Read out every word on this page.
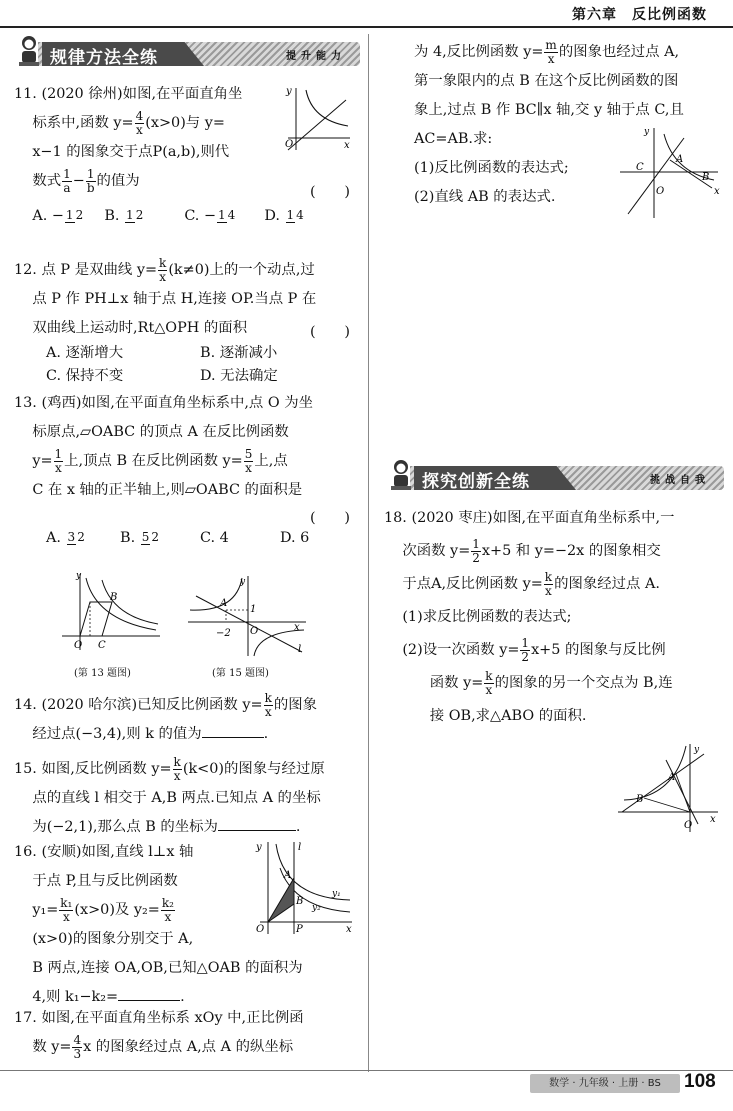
第六章　反比例函数
数学 · 九年级 · 上册 · BS	108
规律方法全练	提升能力

11. (2020 徐州)如图,在平面直角坐

标系中,函数 $y= \frac{4}{x} (x>0)$与 y=

x−1 的图象交于点P(a,b),则代

数式 $\frac{1}{a} - \frac{1}{b}$ 的值为

A. − 1 2 B. 1 2	C. − 1 4 D. 1 4

(　　)
y
x
O

12. 点 P 是双曲线 $y= \frac{k}{x} (k\ne 0)$上的一个动点,过

点 P 作 PH⊥x 轴于点 H,连接 OP.当点 P 在

双曲线上运动时,Rt△OPH 的面积	(　　)
A. 逐渐增大	B. 逐渐减小
C. 保持不变	D. 无法确定

13. (鸡西)如图,在平面直角坐标系中,点 O 为坐

标原点,▱OABC 的顶点 A 在反比例函数

$y= \frac{1}{x}$ 上,顶点 B 在反比例函数 $y= \frac{5}{x}$ 上,点

C 在 x 轴的正半轴上,则▱OABC 的面积是

(　　)
A. 3 2 B. 5 2	C. 4	D. 6
y
B
O C
(第 13 题图)
y
A
1
−2 O	x
l
(第 15 题图)

14. (2020 哈尔滨)已知反比例函数 $y= \frac{k}{x}$ 的图象

经过点(−3,4),则 k 的值为	.

15. 如图,反比例函数 $y= \frac{k}{x} (k<0)$的图象与经过原

点的直线 l 相交于 A,B 两点.已知点 A 的坐标

为(−2,1),那么点 B 的坐标为	.

16. (安顺)如图,直线 l⊥x 轴

于点 P,且与反比例函数

$y_1= \frac{\text{k₁}}{x} (x>0)$及 $y_2= \frac{\text{k₂}}{x}$

(x>0)的图象分别交于 A,

B 两点,连接 OA,OB,已知△OAB 的面积为

4,则 k₁−k₂=	.

y	l
A
B
y₁
y₂
O	P	x

17. 如图,在平面直角坐标系 xOy 中,正比例函

数 $y= \frac{4}{3}$ x 的图象经过点 A,点 A 的纵坐标

为 4,反比例函数 $y= \frac{m}{x}$ 的图象也经过点 A,

第一象限内的点 B 在这个反比例函数的图

象上,过点 B 作 BC∥x 轴,交 y 轴于点 C,且

AC=AB.求:

(1)反比例函数的表达式;

(2)直线 AB 的表达式.

y
C
A
B
O	x
探究创新全练	挑战自我

18. (2020 枣庄)如图,在平面直角坐标系中,一

次函数 $y= \frac{1}{2} x+5$ 和 y=−2x 的图象相交

于点A,反比例函数 $y= \frac{k}{x}$ 的图象经过点 A.

(1)求反比例函数的表达式;

(2)设一次函数 $y= \frac{1}{2} x+5$ 的图象与反比例

函数 $y= \frac{k}{x}$ 的图象的另一个交点为 B,连

接 OB,求△ABO 的面积.

y
A
B
O
x
